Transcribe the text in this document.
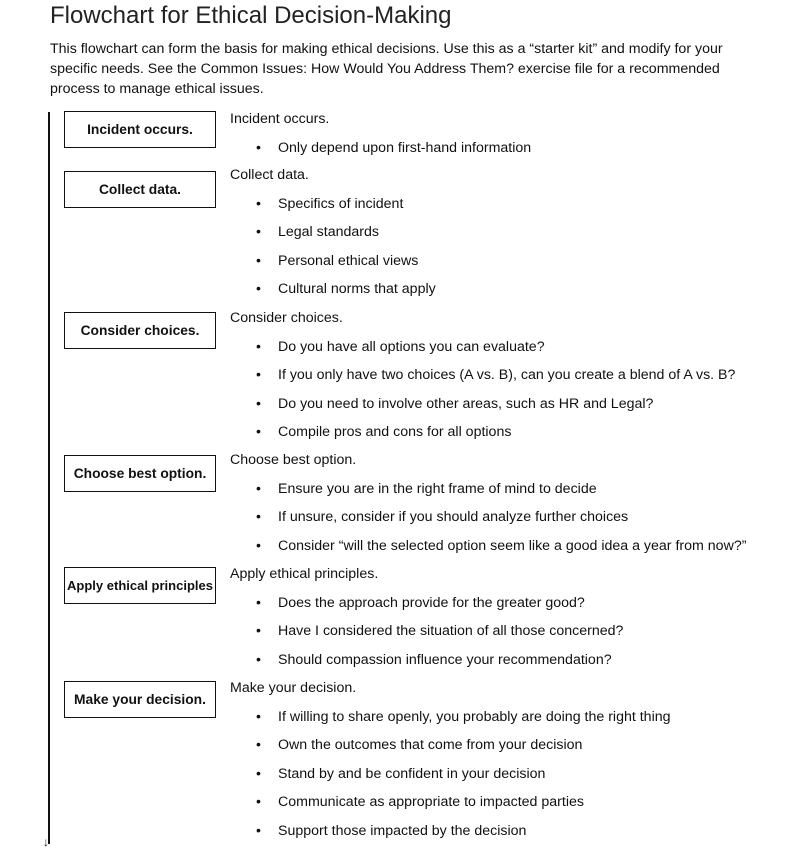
Flowchart for Ethical Decision-Making

This flowchart can form the basis for making ethical decisions. Use this as a “starter kit” and modify for your specific needs. See the Common Issues: How Would You Address Them? exercise file for a recommended process to manage ethical issues.

↓
Incident occurs.
Incident occurs.
• Only depend upon first-hand information
Collect data.
Collect data.
• Specifics of incident
• Legal standards
• Personal ethical views
• Cultural norms that apply
Consider choices.
Consider choices.
• Do you have all options you can evaluate?
• If you only have two choices (A vs. B), can you create a blend of A vs. B?
• Do you need to involve other areas, such as HR and Legal?
• Compile pros and cons for all options
Choose best option.
Choose best option.
• Ensure you are in the right frame of mind to decide
• If unsure, consider if you should analyze further choices
• Consider “will the selected option seem like a good idea a year from now?”
Apply ethical principles
Apply ethical principles.
• Does the approach provide for the greater good?
• Have I considered the situation of all those concerned?
• Should compassion influence your recommendation?
Make your decision.
Make your decision.
• If willing to share openly, you probably are doing the right thing
• Own the outcomes that come from your decision
• Stand by and be confident in your decision
• Communicate as appropriate to impacted parties
• Support those impacted by the decision
